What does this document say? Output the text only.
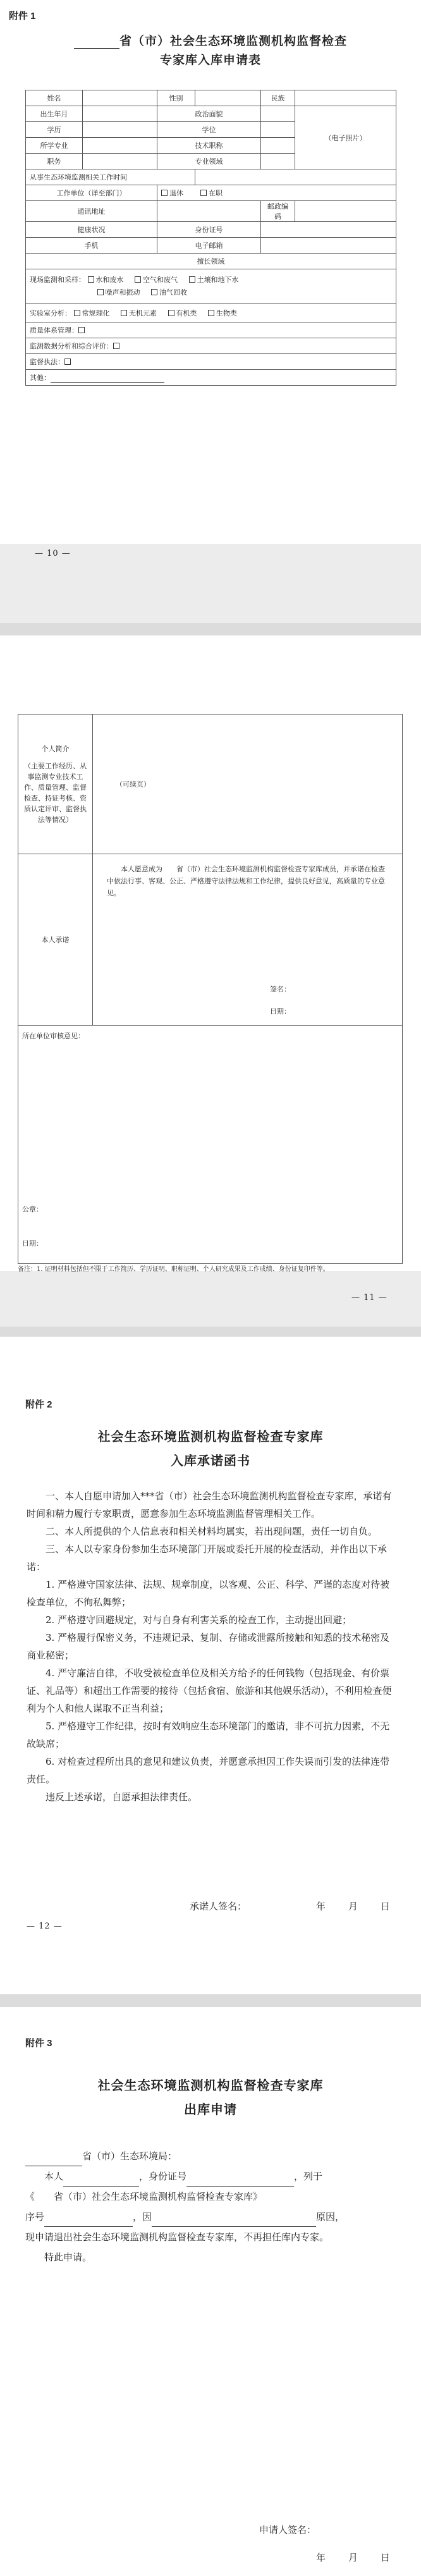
附件 1
省（市）社会生态环境监测机构监督检查
专家库入库申请表
姓名		性别		民族	
出生年月		政治面貌			（电子照片）
学历		学位			
所学专业		技术职称			
职务		专业领域			
从事生态环境监测相关工作时间					
工作单位（详至部门）		退休 在职			
通讯地址				邮政编码	
健康状况		身份证号			
手机		电子邮箱			
擅长领域					
现场监测和采样： 水和废水 空气和废气 土壤和地下水
噪声和振动 油气回收					
实验室分析： 常规理化 无机元素 有机类 生物类					
质量体系管理：					
监测数据分析和综合评价：					
监督执法：					
其他：					
— 10 —
个人简介
（主要工作经历、从事监测专业技术工作、质量管理、监督检查、持证考核、资质认定评审、监督执法等情况）	（可续页）
本人承诺	本人愿意成为　　省（市）社会生态环境监测机构监督检查专家库成员，并承诺在检查中依法行事、客观、公正、严格遵守法律法规和工作纪律，提供良好意见，高质量的专业意见。
签名：
日期：

所在单位审核意见：
公章：
日期：	
备注：1. 证明材料包括但不限于工作简历、学历证明、职称证明、个人研究成果及工作成绩、身份证复印件等。
— 11 —
附件 2
社会生态环境监测机构监督检查专家库
入库承诺函书

一、本人自愿申请加入***省（市）社会生态环境监测机构监督检查专家库，承诺有时间和精力履行专家职责，愿意参加生态环境监测监督管理相关工作。

二、本人所提供的个人信息表和相关材料均属实，若出现问题，责任一切自负。

三、本人以专家身份参加生态环境部门开展或委托开展的检查活动，并作出以下承诺：

1. 严格遵守国家法律、法规、规章制度，以客观、公正、科学、严谨的态度对待被检查单位，不徇私舞弊；

2. 严格遵守回避规定，对与自身有利害关系的检查工作，主动提出回避；

3. 严格履行保密义务，不违规记录、复制、存储或泄露所接触和知悉的技术秘密及商业秘密；

4. 严守廉洁自律，不收受被检查单位及相关方给予的任何钱物（包括现金、有价票证、礼品等）和超出工作需要的接待（包括食宿、旅游和其他娱乐活动），不利用检查便利为个人和他人谋取不正当利益；

5. 严格遵守工作纪律，按时有效响应生态环境部门的邀请，非不可抗力因素，不无故缺席；

6. 对检查过程所出具的意见和建议负责，并愿意承担因工作失误而引发的法律连带责任。

违反上述承诺，自愿承担法律责任。

承诺人签名：	年 月 日
— 12 —
附件 3
社会生态环境监测机构监督检查专家库
出库申请

省（市）生态环境局：

本人	，身份证号	，列于

《　　省（市）社会生态环境监测机构监督检查专家库》

序号	，因	原因，

现申请退出社会生态环境监测机构监督检查专家库，不再担任库内专家。

特此申请。

申请人签名：
年 月 日
